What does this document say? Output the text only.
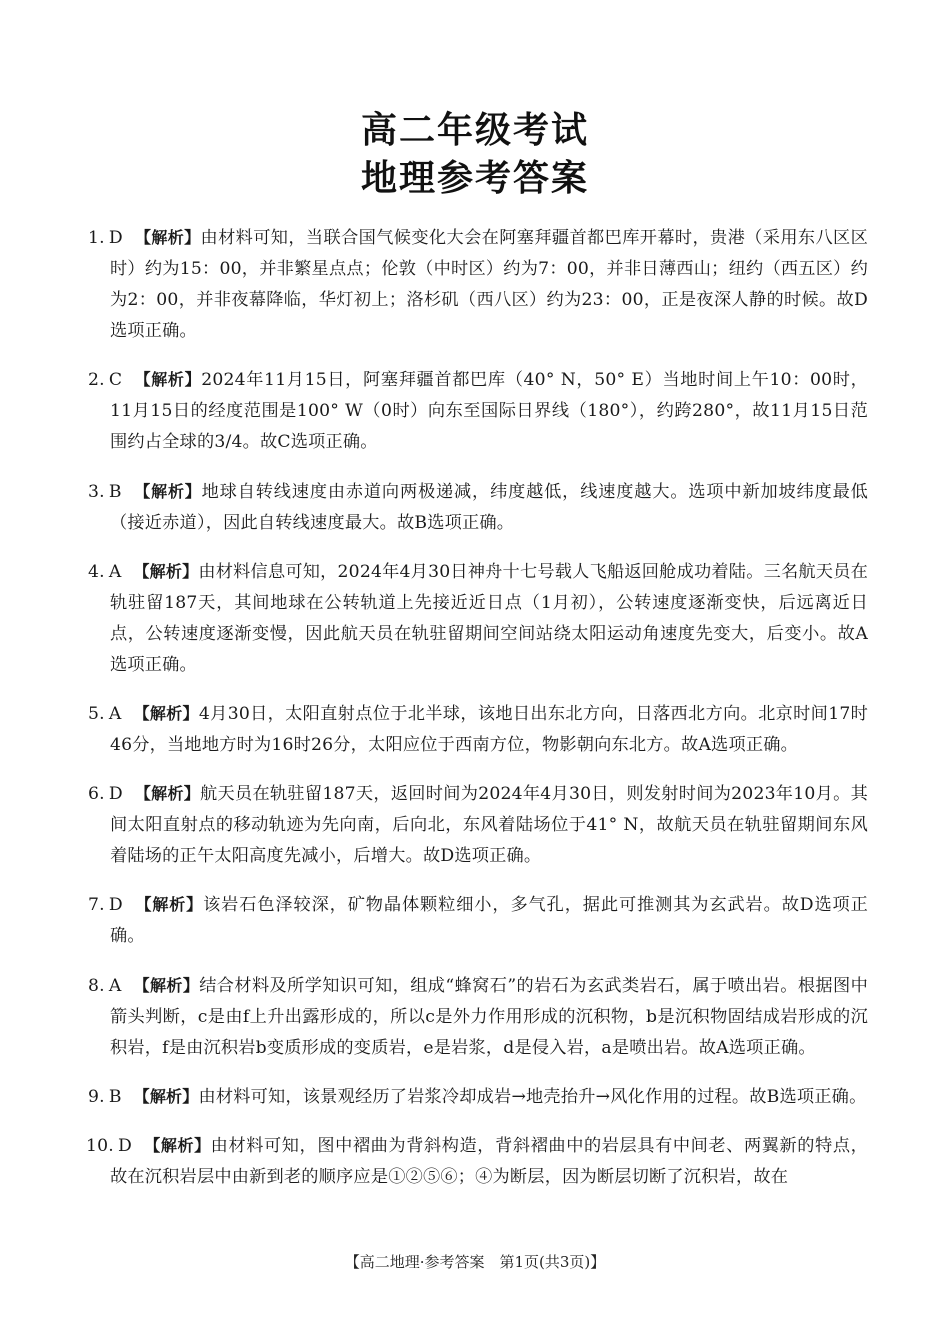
高二年级考试
地理参考答案

1. D 【解析】由材料可知，当联合国气候变化大会在阿塞拜疆首都巴库开幕时，贵港（采用东八区区时）约为15：00，并非繁星点点；伦敦（中时区）约为7：00，并非日薄西山；纽约（西五区）约为2：00，并非夜幕降临，华灯初上；洛杉矶（西八区）约为23：00，正是夜深人静的时候。故D选项正确。

2. C 【解析】2024年11月15日，阿塞拜疆首都巴库（40° N，50° E）当地时间上午10：00时，11月15日的经度范围是100° W（0时）向东至国际日界线（180°），约跨280°，故11月15日范围约占全球的3/4。故C选项正确。

3. B 【解析】地球自转线速度由赤道向两极递减，纬度越低，线速度越大。选项中新加坡纬度最低（接近赤道），因此自转线速度最大。故B选项正确。

4. A 【解析】由材料信息可知，2024年4月30日神舟十七号载人飞船返回舱成功着陆。三名航天员在轨驻留187天，其间地球在公转轨道上先接近近日点（1月初），公转速度逐渐变快，后远离近日点，公转速度逐渐变慢，因此航天员在轨驻留期间空间站绕太阳运动角速度先变大，后变小。故A选项正确。

5. A 【解析】4月30日，太阳直射点位于北半球，该地日出东北方向，日落西北方向。北京时间17时46分，当地地方时为16时26分，太阳应位于西南方位，物影朝向东北方。故A选项正确。

6. D 【解析】航天员在轨驻留187天，返回时间为2024年4月30日，则发射时间为2023年10月。其间太阳直射点的移动轨迹为先向南，后向北，东风着陆场位于41° N，故航天员在轨驻留期间东风着陆场的正午太阳高度先减小，后增大。故D选项正确。

7. D 【解析】该岩石色泽较深，矿物晶体颗粒细小，多气孔，据此可推测其为玄武岩。故D选项正确。

8. A 【解析】结合材料及所学知识可知，组成“蜂窝石”的岩石为玄武类岩石，属于喷出岩。根据图中箭头判断，c是由f上升出露形成的，所以c是外力作用形成的沉积物，b是沉积物固结成岩形成的沉积岩，f是由沉积岩b变质形成的变质岩，e是岩浆，d是侵入岩，a是喷出岩。故A选项正确。

9. B 【解析】由材料可知，该景观经历了岩浆冷却成岩→地壳抬升→风化作用的过程。故B选项正确。

10. D 【解析】由材料可知，图中褶曲为背斜构造，背斜褶曲中的岩层具有中间老、两翼新的特点，故在沉积岩层中由新到老的顺序应是①②⑤⑥；④为断层，因为断层切断了沉积岩，故在

【高二地理·参考答案　第1页(共3页)】
